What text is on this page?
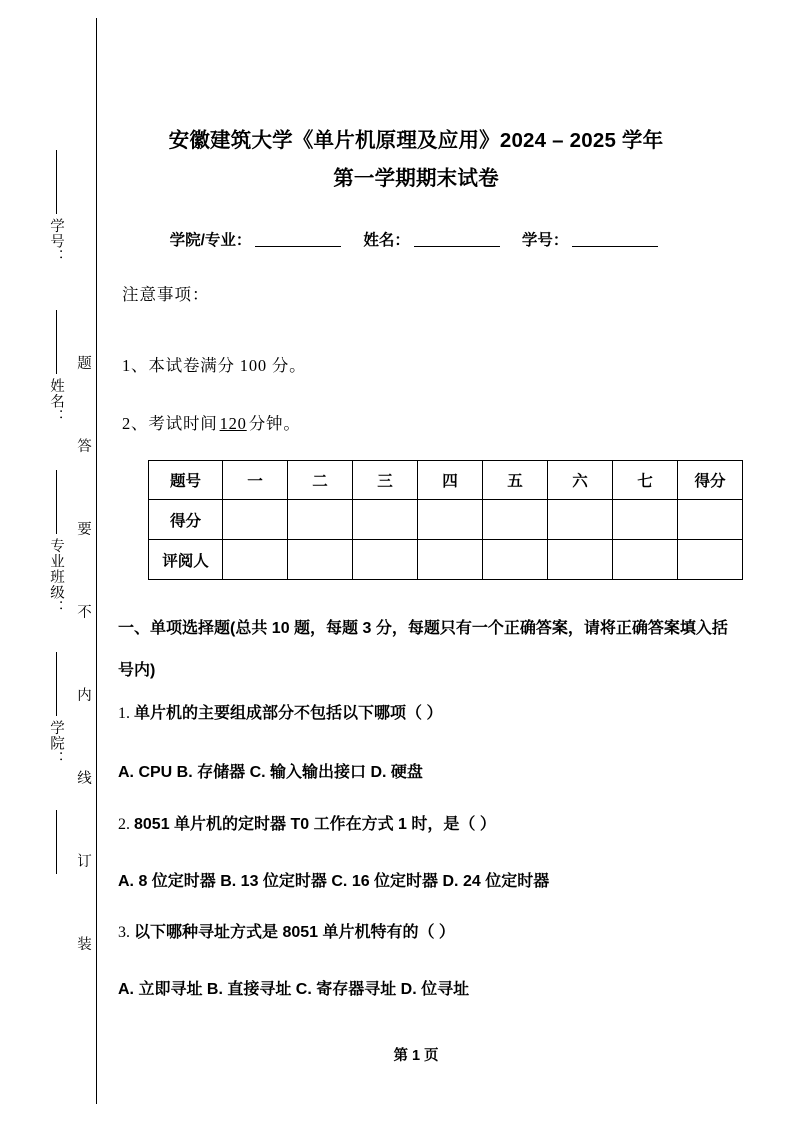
学号：
姓名：
专业班级：
学院：
题
答
要
不
内
线
订
装
安徽建筑大学《单片机原理及应用》2024 – 2025 学年
第一学期期末试卷
学院/专业：	姓名：	学号：
注意事项：
1、本试卷满分 100 分。
2、考试时间 120 分钟。
题号	一	二	三	四	五	六	七	得分
得分								
评阅人								
一、单项选择题(总共 10 题，每题 3 分，每题只有一个正确答案，请将正确答案填入括号内)
1. 单片机的主要组成部分不包括以下哪项（ ）
A. CPU B. 存储器 C. 输入输出接口 D. 硬盘
2. 8051 单片机的定时器 T0 工作在方式 1 时，是（ ）
A. 8 位定时器 B. 13 位定时器 C. 16 位定时器 D. 24 位定时器
3. 以下哪种寻址方式是 8051 单片机特有的（ ）
A. 立即寻址 B. 直接寻址 C. 寄存器寻址 D. 位寻址
第 1 页
